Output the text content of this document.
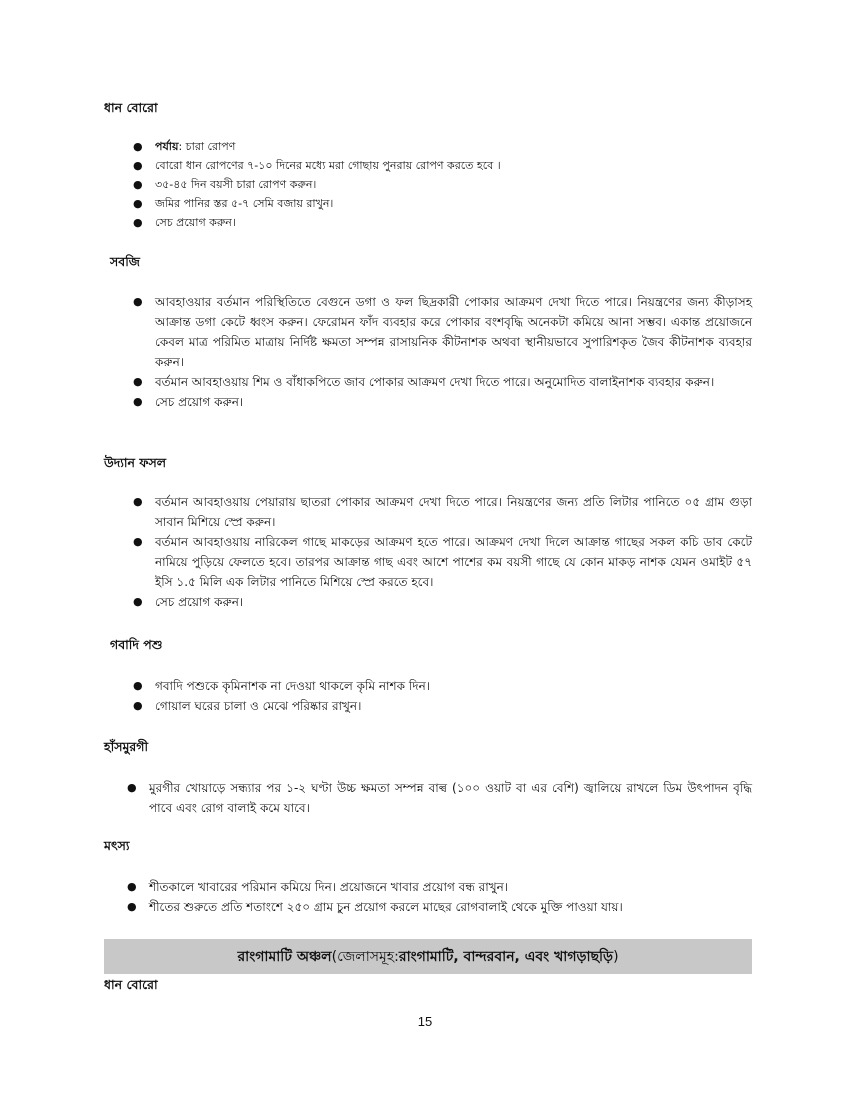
ধান বোরো
● পর্যায়: চারা রোপণ
● বোরো ধান রোপণের ৭-১০ দিনের মধ্যে মরা গোছায় পুনরায় রোপণ করতে হবে ।
● ৩৫-৪৫ দিন বয়সী চারা রোপণ করুন।
● জমির পানির স্তর ৫-৭ সেমি বজায় রাখুন।
● সেচ প্রয়োগ করুন।
সবজি
● আবহাওয়ার বর্তমান পরিস্থিতিতে বেগুনে ডগা ও ফল ছিদ্রকারী পোকার আক্রমণ দেখা দিতে পারে। নিয়ন্ত্রণের জন্য কীড়াসহ আক্রান্ত ডগা কেটে ধ্বংস করুন। ফেরোমন ফাঁদ ব্যবহার করে পোকার বংশবৃদ্ধি অনেকটা কমিয়ে আনা সম্ভব। একান্ত প্রয়োজনে কেবল মাত্র পরিমিত মাত্রায় নির্দিষ্ট ক্ষমতা সম্পন্ন রাসায়নিক কীটনাশক অথবা স্থানীয়ভাবে সুপারিশকৃত জৈব কীটনাশক ব্যবহার করুন।
● বর্তমান আবহাওয়ায় শিম ও বাঁধাকপিতে জাব পোকার আক্রমণ দেখা দিতে পারে। অনুমোদিত বালাইনাশক ব্যবহার করুন।
● সেচ প্রয়োগ করুন।
উদ্যান ফসল
● বর্তমান আবহাওয়ায় পেয়ারায় ছাতরা পোকার আক্রমণ দেখা দিতে পারে। নিয়ন্ত্রণের জন্য প্রতি লিটার পানিতে ০৫ গ্রাম গুড়া সাবান মিশিয়ে স্প্রে করুন।
● বর্তমান আবহাওয়ায় নারিকেল গাছে মাকড়ের আক্রমণ হতে পারে। আক্রমণ দেখা দিলে আক্রান্ত গাছের সকল কচি ডাব কেটে নামিয়ে পুড়িয়ে ফেলতে হবে। তারপর আক্রান্ত গাছ এবং আশে পাশের কম বয়সী গাছে যে কোন মাকড় নাশক যেমন ওমাইট ৫৭ ইসি ১.৫ মিলি এক লিটার পানিতে মিশিয়ে স্প্রে করতে হবে।
● সেচ প্রয়োগ করুন।
গবাদি পশু
● গবাদি পশুকে কৃমিনাশক না দেওয়া থাকলে কৃমি নাশক দিন।
● গোয়াল ঘরের চালা ও মেঝে পরিষ্কার রাখুন।
হাঁসমুরগী
● মুরগীর খোয়াড়ে সন্ধ্যার পর ১-২ ঘণ্টা উচ্চ ক্ষমতা সম্পন্ন বাল্ব (১০০ ওয়াট বা এর বেশি) জ্বালিয়ে রাখলে ডিম উৎপাদন বৃদ্ধি পাবে এবং রোগ বালাই কমে যাবে।
মৎস্য
● শীতকালে খাবারের পরিমান কমিয়ে দিন। প্রয়োজনে খাবার প্রয়োগ বন্ধ রাখুন।
● শীতের শুরুতে প্রতি শতাংশে ২৫০ গ্রাম চুন প্রয়োগ করলে মাছের রোগবালাই থেকে মুক্তি পাওয়া যায়।
রাংগামাটি অঞ্চল (জেলাসমূহ: রাংগামাটি, বান্দরবান, এবং খাগড়াছড়ি )
ধান বোরো
15
